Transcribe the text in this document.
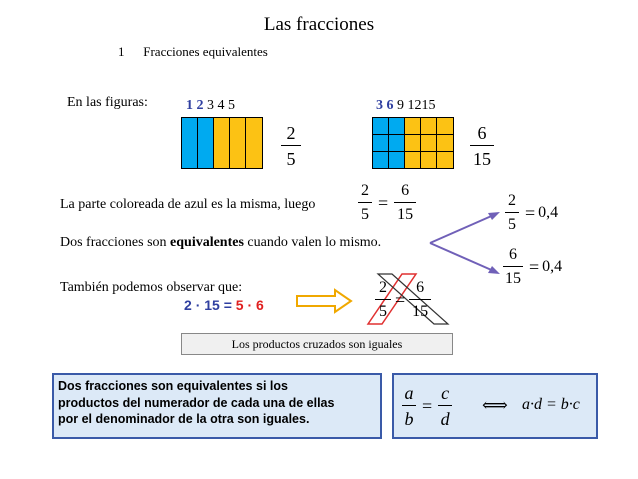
Las fracciones
1 Fracciones equivalentes
En las figuras:	1 2 3 4 5
$\frac{2}{5}$
3 6 9 1215
$\frac{6}{15}$
La parte coloreada de azul es la misma, luego	$\frac{2}{5} = \frac{6}{15}$
Dos fracciones son equivalentes cuando valen lo mismo.
$\frac{2}{5} = 0,4$
$\frac{6}{15} = 0,4$
También podemos observar que:
2 · 15 = 5 · 6	$\frac{2}{5} = \frac{6}{15}$
Los productos cruzados son iguales
Dos fracciones son equivalentes si los
productos del numerador de cada una de ellas
por el denominador de la otra son iguales.	$\frac{a}{b} = \frac{c}{d}$ ⟺ a·d = b·c
